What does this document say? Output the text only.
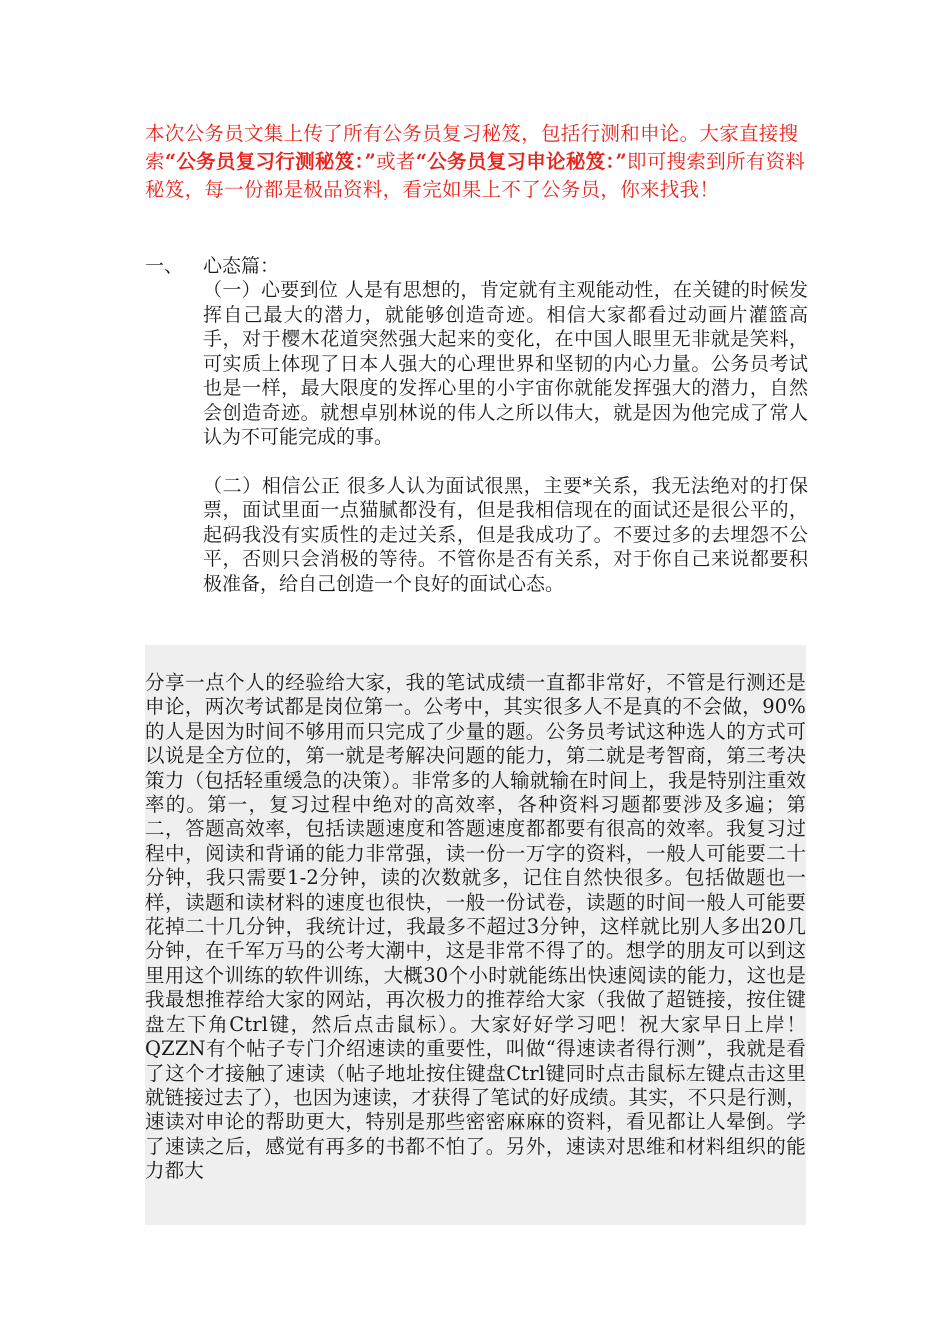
本次公务员文集上传了所有公务员复习秘笈，包括行测和申论。大家直接搜索“公务员复习行测秘笈：”或者“公务员复习申论秘笈：”即可搜索到所有资料秘笈，每一份都是极品资料，看完如果上不了公务员，你来找我！
一、 心态篇：
（一）心要到位 人是有思想的，肯定就有主观能动性，在关键的时候发挥自己最大的潜力，就能够创造奇迹。相信大家都看过动画片灌篮高手，对于樱木花道突然强大起来的变化，在中国人眼里无非就是笑料，可实质上体现了日本人强大的心理世界和坚韧的内心力量。公务员考试也是一样，最大限度的发挥心里的小宇宙你就能发挥强大的潜力，自然会创造奇迹。就想卓别林说的伟人之所以伟大，就是因为他完成了常人认为不可能完成的事。
（二）相信公正 很多人认为面试很黑，主要*关系，我无法绝对的打保票，面试里面一点猫腻都没有，但是我相信现在的面试还是很公平的，起码我没有实质性的走过关系，但是我成功了。不要过多的去埋怨不公平，否则只会消极的等待。不管你是否有关系，对于你自己来说都要积极准备，给自己创造一个良好的面试心态。

分享一点个人的经验给大家，我的笔试成绩一直都非常好，不管是行测还是申论，两次考试都是岗位第一。公考中，其实很多人不是真的不会做，90%的人是因为时间不够用而只完成了少量的题。公务员考试这种选人的方式可以说是全方位的，第一就是考解决问题的能力，第二就是考智商，第三考决策力（包括轻重缓急的决策）。非常多的人输就输在时间上，我是特别注重效率的。第一，复习过程中绝对的高效率，各种资料习题都要涉及多遍；第二，答题高效率，包括读题速度和答题速度都都要有很高的效率。我复习过程中，阅读和背诵的能力非常强，读一份一万字的资料，一般人可能要二十分钟，我只需要1-2分钟，读的次数就多，记住自然快很多。包括做题也一样，读题和读材料的速度也很快，一般一份试卷，读题的时间一般人可能要花掉二十几分钟，我统计过，我最多不超过3分钟，这样就比别人多出20几分钟，在千军万马的公考大潮中，这是非常不得了的。想学的朋友可以到这里用这个训练的软件训练，大概30个小时就能练出快速阅读的能力，这也是我最想推荐给大家的网站，再次极力的推荐给大家（我做了超链接，按住键盘左下角Ctrl键，然后点击鼠标）。大家好好学习吧！祝大家早日上岸！QZZN有个帖子专门介绍速读的重要性，叫做“得速读者得行测”，我就是看了这个才接触了速读（帖子地址按住键盘Ctrl键同时点击鼠标左键点击这里就链接过去了），也因为速读，才获得了笔试的好成绩。其实，不只是行测，速读对申论的帮助更大，特别是那些密密麻麻的资料，看见都让人晕倒。学了速读之后，感觉有再多的书都不怕了。另外，速读对思维和材料组织的能力都大
